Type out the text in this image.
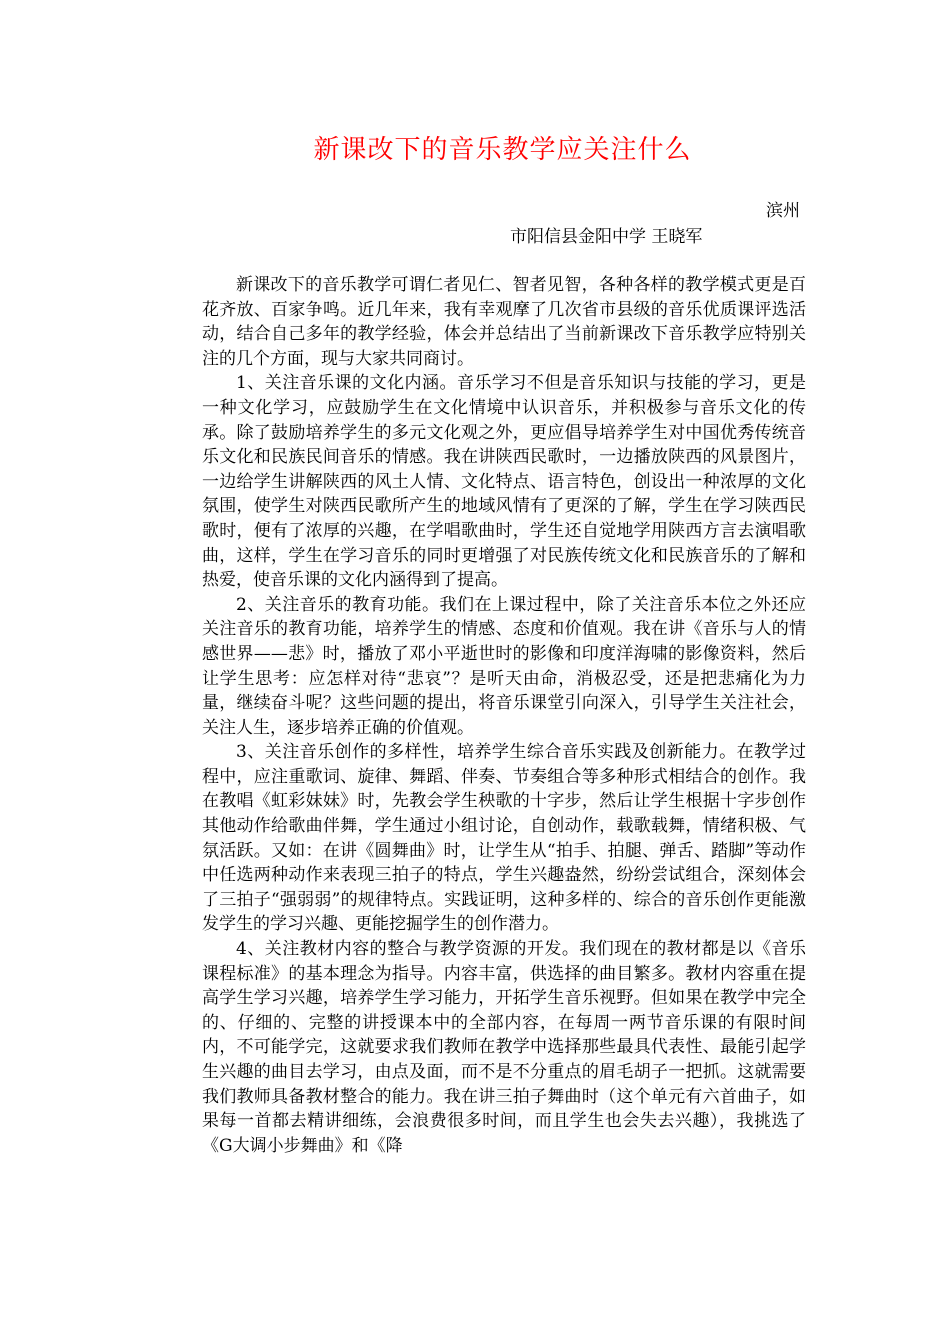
新课改下的音乐教学应关注什么
滨州
市阳信县金阳中学 王晓军

新课改下的音乐教学可谓仁者见仁、智者见智，各种各样的教学模式更是百花齐放、百家争鸣。近几年来，我有幸观摩了几次省市县级的音乐优质课评选活动，结合自己多年的教学经验，体会并总结出了当前新课改下音乐教学应特别关注的几个方面，现与大家共同商讨。

1、关注音乐课的文化内涵。音乐学习不但是音乐知识与技能的学习，更是一种文化学习，应鼓励学生在文化情境中认识音乐，并积极参与音乐文化的传承。除了鼓励培养学生的多元文化观之外，更应倡导培养学生对中国优秀传统音乐文化和民族民间音乐的情感。我在讲陕西民歌时，一边播放陕西的风景图片，一边给学生讲解陕西的风土人情、文化特点、语言特色，创设出一种浓厚的文化氛围，使学生对陕西民歌所产生的地域风情有了更深的了解，学生在学习陕西民歌时，便有了浓厚的兴趣，在学唱歌曲时，学生还自觉地学用陕西方言去演唱歌曲，这样，学生在学习音乐的同时更增强了对民族传统文化和民族音乐的了解和热爱，使音乐课的文化内涵得到了提高。

2、关注音乐的教育功能。我们在上课过程中，除了关注音乐本位之外还应关注音乐的教育功能，培养学生的情感、态度和价值观。我在讲《音乐与人的情感世界——悲》时，播放了邓小平逝世时的影像和印度洋海啸的影像资料，然后让学生思考：应怎样对待“悲哀”？是听天由命，消极忍受，还是把悲痛化为力量，继续奋斗呢？这些问题的提出，将音乐课堂引向深入，引导学生关注社会，关注人生，逐步培养正确的价值观。

3、关注音乐创作的多样性，培养学生综合音乐实践及创新能力。在教学过程中，应注重歌词、旋律、舞蹈、伴奏、节奏组合等多种形式相结合的创作。我在教唱《虹彩妹妹》时，先教会学生秧歌的十字步，然后让学生根据十字步创作其他动作给歌曲伴舞，学生通过小组讨论，自创动作，载歌载舞，情绪积极、气氛活跃。又如：在讲《圆舞曲》时，让学生从“拍手、拍腿、弹舌、踏脚”等动作中任选两种动作来表现三拍子的特点，学生兴趣盎然，纷纷尝试组合，深刻体会了三拍子“强弱弱”的规律特点。实践证明，这种多样的、综合的音乐创作更能激发学生的学习兴趣、更能挖掘学生的创作潜力。

4、关注教材内容的整合与教学资源的开发。我们现在的教材都是以《音乐课程标准》的基本理念为指导。内容丰富，供选择的曲目繁多。教材内容重在提高学生学习兴趣，培养学生学习能力，开拓学生音乐视野。但如果在教学中完全的、仔细的、完整的讲授课本中的全部内容，在每周一两节音乐课的有限时间内，不可能学完，这就要求我们教师在教学中选择那些最具代表性、最能引起学生兴趣的曲目去学习，由点及面，而不是不分重点的眉毛胡子一把抓。这就需要我们教师具备教材整合的能力。我在讲三拍子舞曲时（这个单元有六首曲子，如果每一首都去精讲细练，会浪费很多时间，而且学生也会失去兴趣），我挑选了《G大调小步舞曲》和《降
